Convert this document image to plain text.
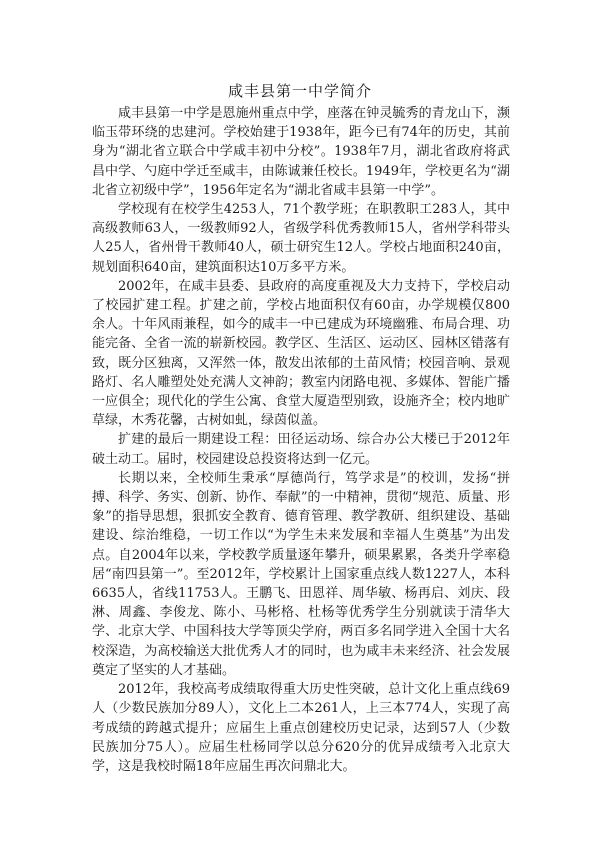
咸丰县第一中学简介

咸丰县第一中学是恩施州重点中学，座落在钟灵毓秀的青龙山下，濒临玉带环绕的忠建河。学校始建于1938年，距今已有74年的历史，其前身为“湖北省立联合中学咸丰初中分校”。1938年7月，湖北省政府将武昌中学、勺庭中学迁至咸丰，由陈诚兼任校长。1949年，学校更名为“湖北省立初级中学”，1956年定名为“湖北省咸丰县第一中学”。

学校现有在校学生4253人，71个教学班；在职教职工283人，其中高级教师63人，一级教师92人，省级学科优秀教师15人，省州学科带头人25人，省州骨干教师40人，硕士研究生12人。学校占地面积240亩，规划面积640亩，建筑面积达10万多平方米。

2002年，在咸丰县委、县政府的高度重视及大力支持下，学校启动了校园扩建工程。扩建之前，学校占地面积仅有60亩，办学规模仅800余人。十年风雨兼程，如今的咸丰一中已建成为环境幽雅、布局合理、功能完备、全省一流的崭新校园。教学区、生活区、运动区、园林区错落有致，既分区独离，又浑然一体，散发出浓郁的土苗风情；校园音响、景观路灯、名人雕塑处处充满人文神韵；教室内闭路电视、多媒体、智能广播一应俱全；现代化的学生公寓、食堂大厦造型别致，设施齐全；校内地旷草绿，木秀花馨，古树如虬，绿茵似盖。

扩建的最后一期建设工程：田径运动场、综合办公大楼已于2012年破土动工。届时，校园建设总投资将达到一亿元。

长期以来，全校师生秉承“厚德尚行，笃学求是”的校训，发扬“拼搏、科学、务实、创新、协作、奉献”的一中精神，贯彻“规范、质量、形象”的指导思想，狠抓安全教育、德育管理、教学教研、组织建设、基础建设、综治维稳，一切工作以“为学生未来发展和幸福人生奠基”为出发点。自2004年以来，学校教学质量逐年攀升，硕果累累，各类升学率稳居“南四县第一”。至2012年，学校累计上国家重点线人数1227人，本科6635人，省线11753人。王鹏飞、田恩祥、周华敏、杨再启、刘庆、段淋、周鑫、李俊龙、陈小、马彬格、杜杨等优秀学生分别就读于清华大学、北京大学、中国科技大学等顶尖学府，两百多名同学进入全国十大名校深造，为高校输送大批优秀人才的同时，也为咸丰未来经济、社会发展奠定了坚实的人才基础。

2012年，我校高考成绩取得重大历史性突破，总计文化上重点线69人（少数民族加分89人），文化上二本261人，上三本774人，实现了高考成绩的跨越式提升；应届生上重点创建校历史记录，达到57人（少数民族加分75人）。应届生杜杨同学以总分620分的优异成绩考入北京大学，这是我校时隔18年应届生再次问鼎北大。
